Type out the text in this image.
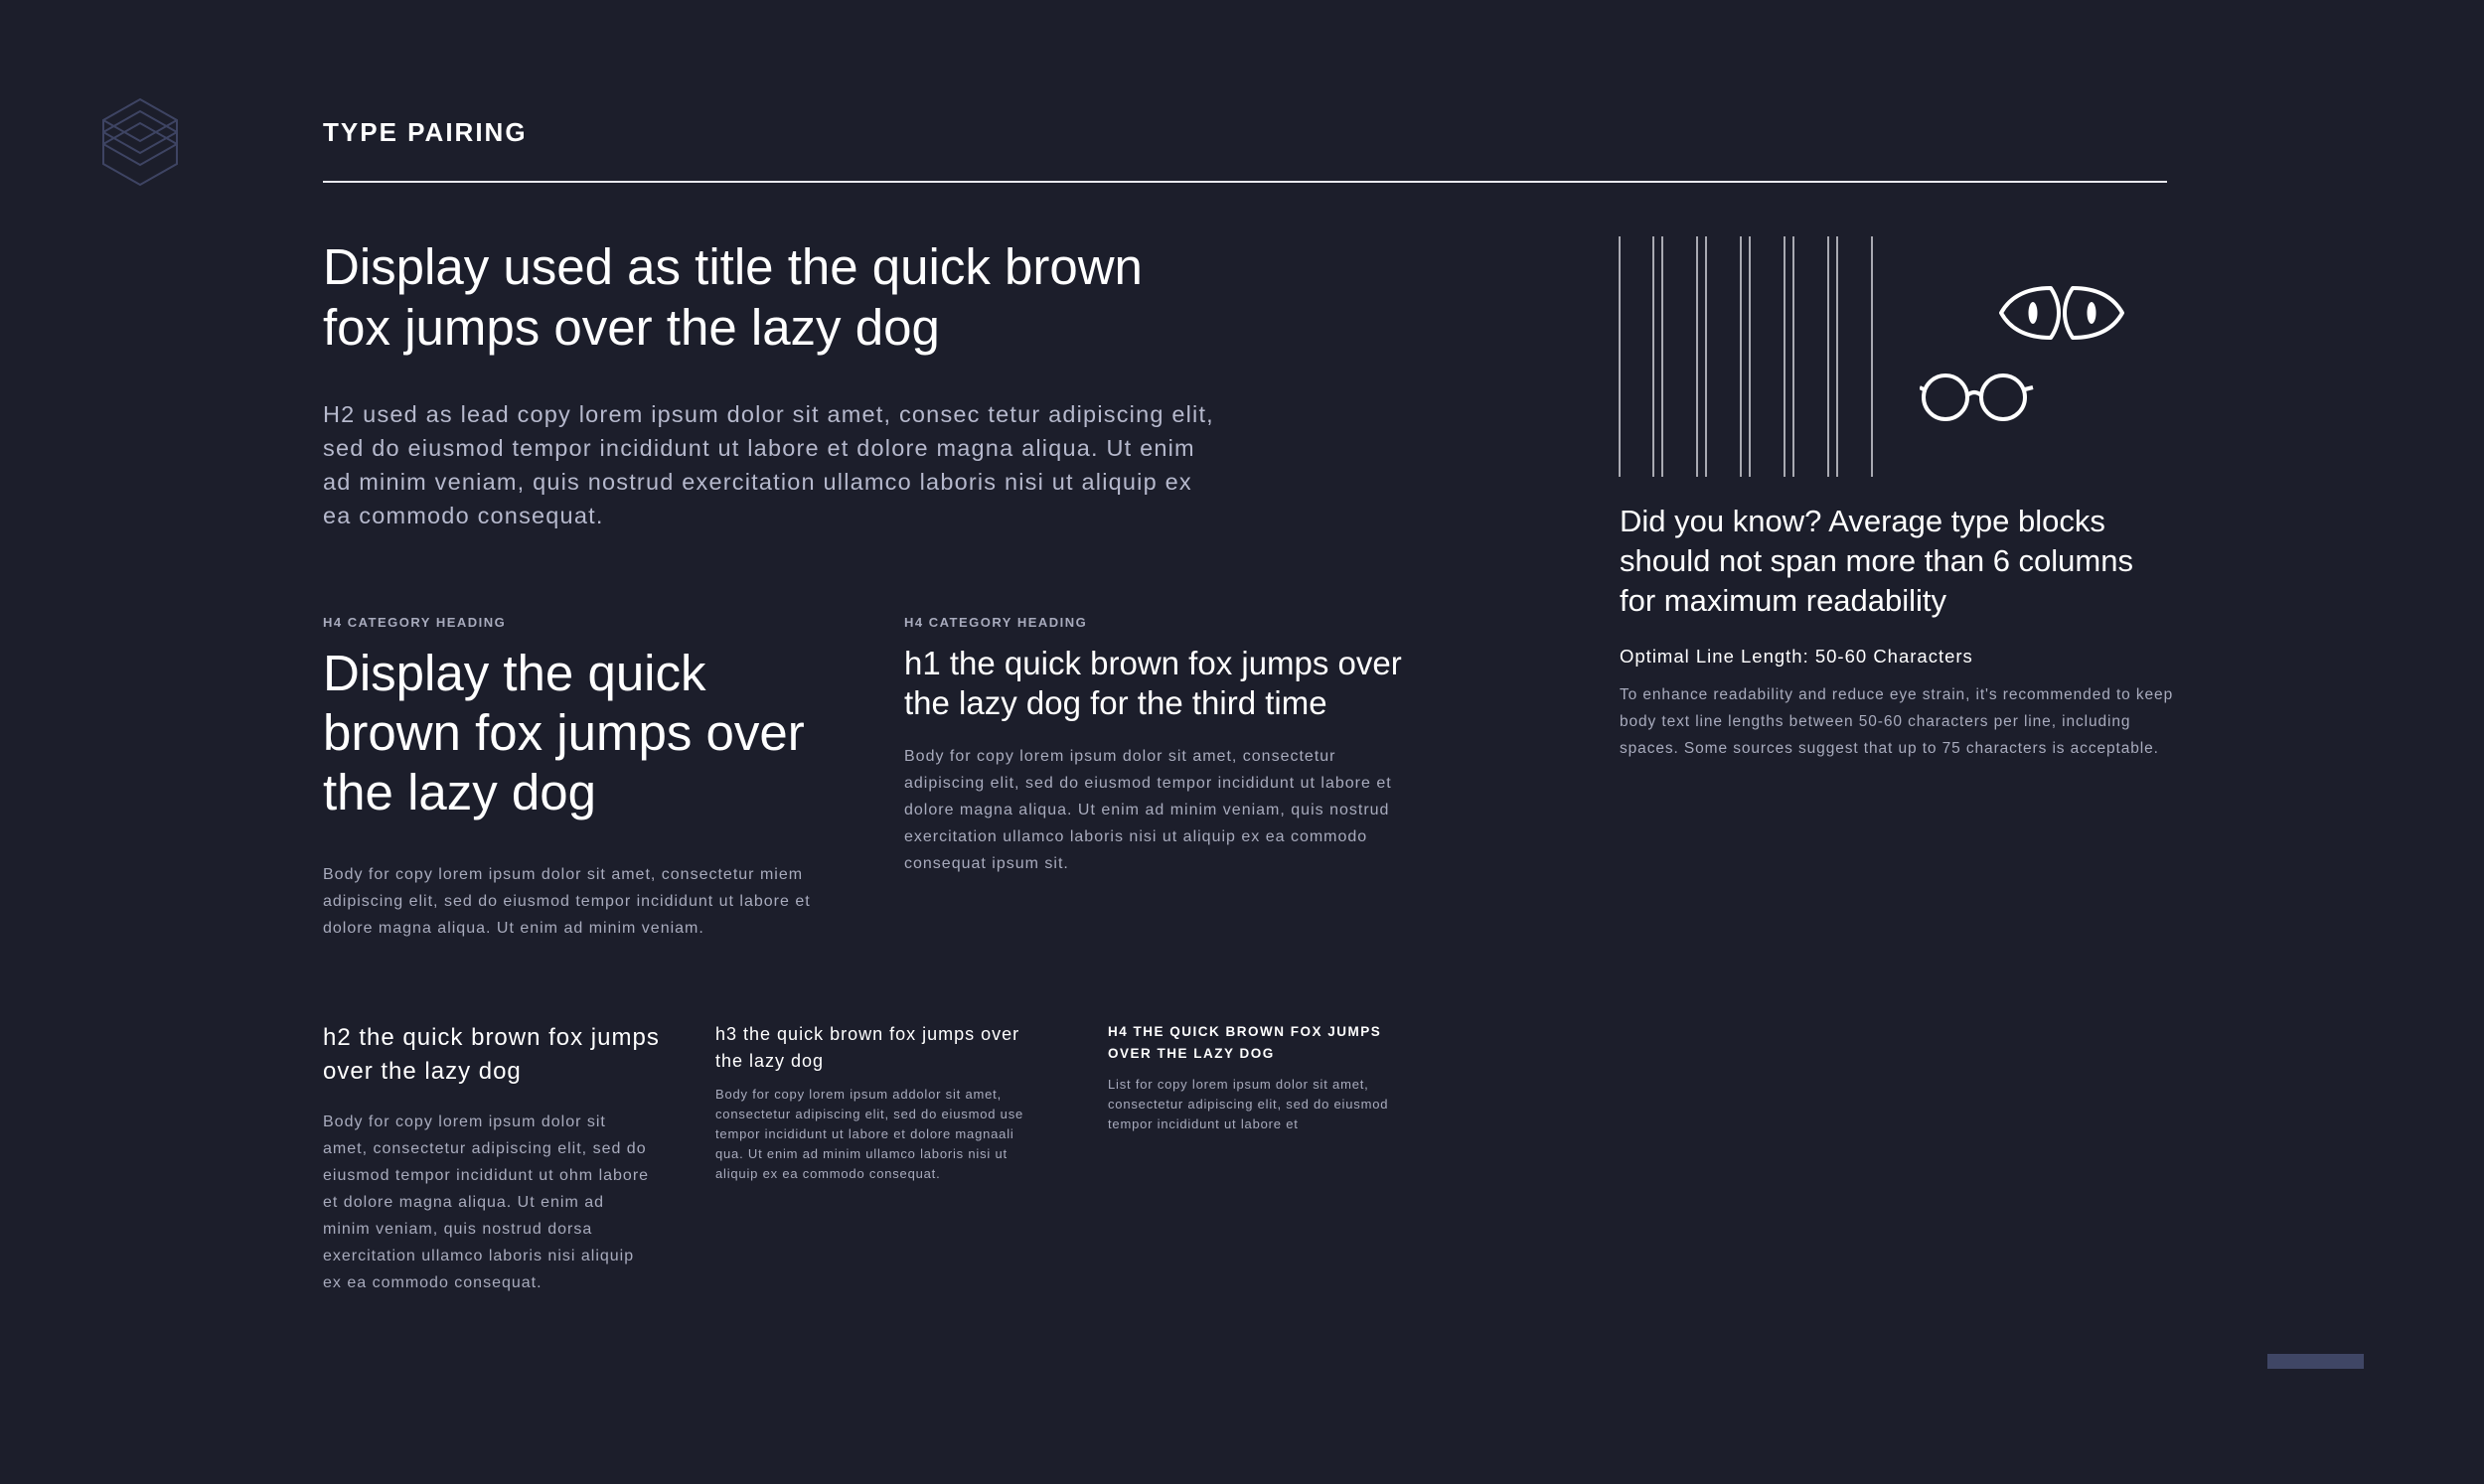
TYPE PAIRING
Display used as title the quick brown fox jumps over the lazy dog
H2 used as lead copy lorem ipsum dolor sit amet, consec tetur adipiscing elit, sed do eiusmod tempor incididunt ut labore et dolore magna aliqua. Ut enim ad minim veniam, quis nostrud exercitation ullamco laboris nisi ut aliquip ex ea commodo consequat.
H4 CATEGORY HEADING
Display the quick brown fox jumps over the lazy dog
Body for copy lorem ipsum dolor sit amet, consectetur miem adipiscing elit, sed do eiusmod tempor incididunt ut labore et dolore magna aliqua. Ut enim ad minim veniam.
H4 CATEGORY HEADING
h1 the quick brown fox jumps over the lazy dog for the third time
Body for copy lorem ipsum dolor sit amet, consectetur adipiscing elit, sed do eiusmod tempor incididunt ut labore et dolore magna aliqua. Ut enim ad minim veniam, quis nostrud exercitation ullamco laboris nisi ut aliquip ex ea commodo consequat ipsum sit.
h2 the quick brown fox jumps over the lazy dog
Body for copy lorem ipsum dolor sit amet, consectetur adipiscing elit, sed do eiusmod tempor incididunt ut ohm labore et dolore magna aliqua. Ut enim ad minim veniam, quis nostrud dorsa exercitation ullamco laboris nisi aliquip ex ea commodo consequat.
h3 the quick brown fox jumps over the lazy dog
Body for copy lorem ipsum addolor sit amet, consectetur adipiscing elit, sed do eiusmod use tempor incididunt ut labore et dolore magnaali qua. Ut enim ad minim ullamco laboris nisi ut aliquip ex ea commodo consequat.
H4 THE QUICK BROWN FOX JUMPS OVER THE LAZY DOG
List for copy lorem ipsum dolor sit amet, consectetur adipiscing elit, sed do eiusmod tempor incididunt ut labore et
Did you know? Average type blocks should not span more than 6 columns for maximum readability
Optimal Line Length: 50-60 Characters
To enhance readability and reduce eye strain, it's recommended to keep body text line lengths between 50-60 characters per line, including spaces. Some sources suggest that up to 75 characters is acceptable.
